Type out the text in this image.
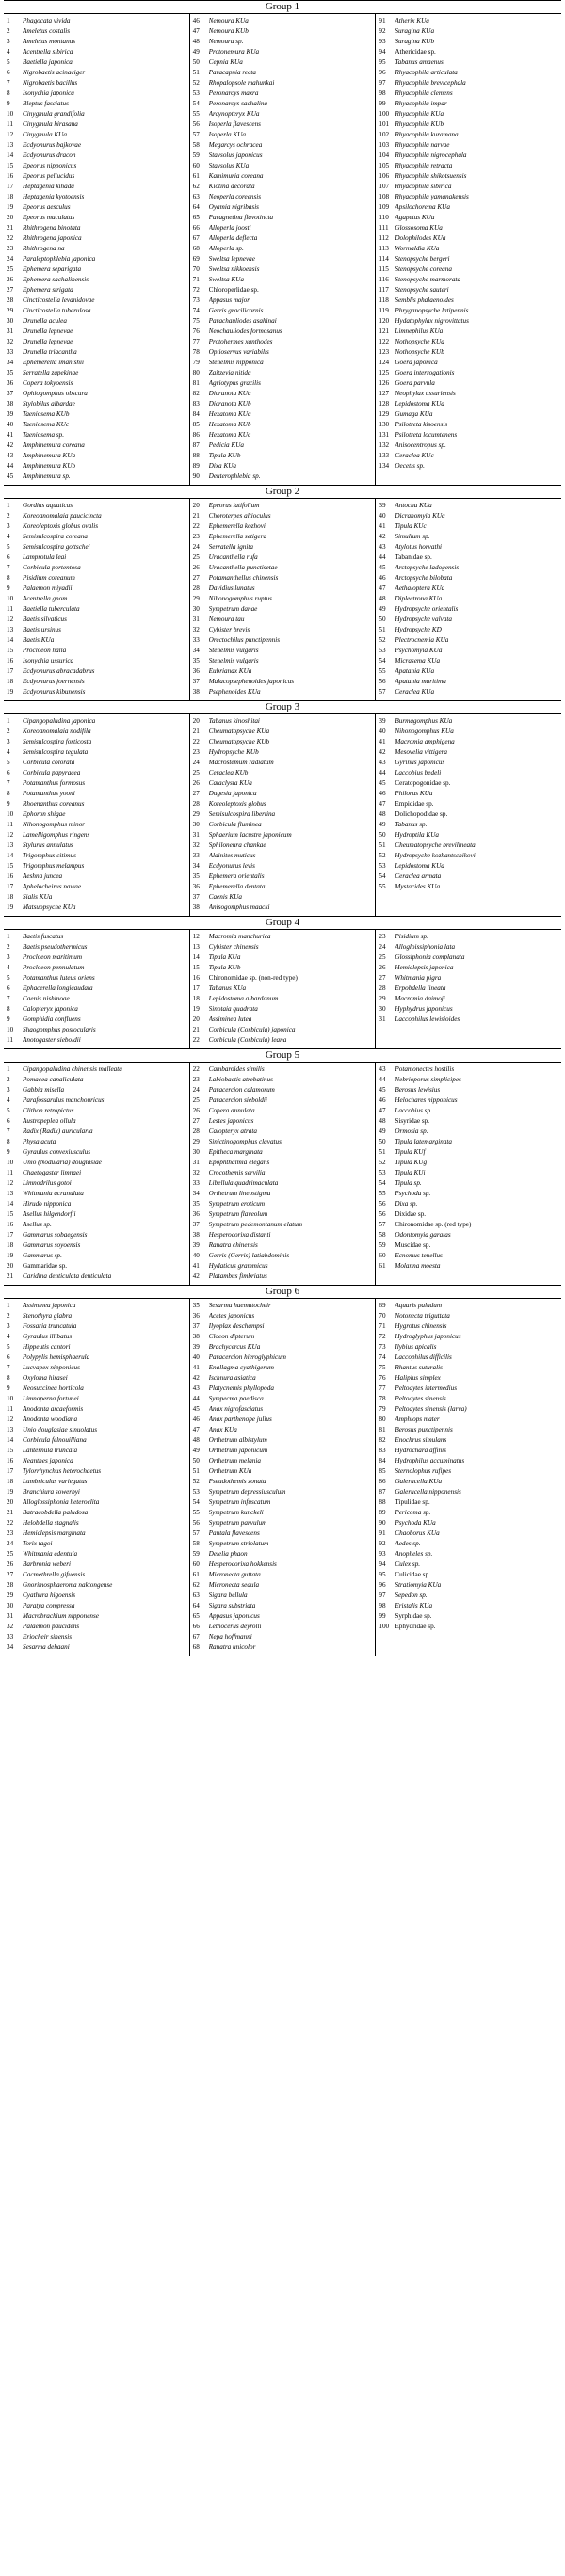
Group 1
1	Phagocata vivida
2	Ameletus costalis
3	Ameletus montanus
4	Acentrella sibirica
5	Baetiella japonica
6	Nigrobaetis acinaciger
7	Nigrobaetis bacillus
8	Isonychia japonica
9	Bleptus fasciatus
10	Cinygmula grandifolia
11	Cinygmula hirasana
12	Cinygmula KUa
13	Ecdyonurus bajkovae
14	Ecdyonurus dracon
15	Epeorus nipponicus
16	Epeorus pellucidus
17	Heptagenia kihada
18	Heptagenia kyotoensis
19	Epeorus aesculus
20	Epeorus maculatus
21	Rhithrogena binotata
22	Rhithrogena japonica
23	Rhithrogena na
24	Paraleptophlebia japonica
25	Ephemera separigata
26	Ephemera sachalinensis
27	Ephemera strigata
28	Cincticostella levanidovae
29	Cincticostella tuberulosa
30	Drunella aculea
31	Drunella lepnevae
32	Drunella lepnevae
33	Drunella triacantha
34	Ephemerella imanishii
35	Serratella zapekinae
36	Copera tokyoensis
37	Ophiogomphus obscura
38	Stylobilus albardae
39	Taeniosema KUb
40	Taeniosema KUc
41	Taeniosema sp.
42	Amphinemura coreana
43	Amphinemura KUa
44	Amphinemura KUb
45	Amphinemura sp.
46	Nemoura KUa
47	Nemoura KUb
48	Nemoura sp.
49	Protonemura KUa
50	Cepnia KUa
51	Paracapnia recta
52	Rhopalopsole mahunkai
53	Peronarcys maxra
54	Peronarcys sachalina
55	Arcynopteryx KUa
56	Isoperla flavescens
57	Isoperla KUa
58	Megarcys ochracea
59	Stavsolus japonicus
60	Stavsolus KUa
61	Kamimuria coreana
62	Kiotina decorata
63	Neoperla coreensis
64	Oyamia nigribasis
65	Paragnetina flavotincta
66	Alloperla joosti
67	Alloperla deflecta
68	Alloperla sp.
69	Sweltsa lepnevae
70	Sweltsa nikkoensis
71	Sweltsa KUa
72	Chloroperlidae sp.
73	Appasus major
74	Gerris gracilicornis
75	Parachauliodes asahinai
76	Neochauliodes formosanus
77	Protohermes xanthodes
78	Optioservus variabilis
79	Stenelmis nipponica
80	Zaitzevia nitida
81	Agriotypus gracilis
82	Dicranota KUa
83	Dicranota KUb
84	Hexatoma KUa
85	Hexatoma KUb
86	Hexatoma KUc
87	Pedicia KUa
88	Tipula KUb
89	Dixa KUa
90	Deuterophlebia sp.
91	Atherix KUa
92	Suragina KUa
93	Suragina KUb
94	Athericidae sp.
95	Tabanus amaenus
96	Rhyacophila articulata
97	Rhyacophila brevicephala
98	Rhyacophila clemens
99	Rhyacophila impar
100 Rhyacophila KUa
101 Rhyacophila KUb
102 Rhyacophila kuramana
103 Rhyacophila narvae
104 Rhyacophila nigrocephala
105 Rhyacophila retracta
106 Rhyacophila shikotsuensis
107 Rhyacophila sibirica
108 Rhyacophila yamanakensis
109 Apsilochorema KUa
110 Agapetus KUa
111 Glossosoma KUa
112 Dolophilodes KUa
113 Wormaldia KUa
114 Stenopsyche bergeri
115 Stenopsyche coreana
116 Stenopsyche marmorata
117 Stenopsyche sauteri
118 Semblis phalaenoides
119 Phryganopsyche latipennis
120 Hydatophylax nigrovittatus
121 Limnephilus KUa
122 Nothopsyche KUa
123 Nothopsyche KUb
124 Goera japonica
125 Goera interrogationis
126 Goera parvula
127 Neophylax ussuriensis
128 Lepidostoma KUa
129 Gumaga KUa
130 Psilotreta kisoensis
131 Psilotreta locumtenens
132 Anisocentropus sp.
133 Ceraclea KUc
134 Oecetis sp.
Group 2
1	Gordius aquaticus
2	Koreoanomalaia paucicincta
3	Koreoleptoxis globus ovalis
4	Semisulcospira coreana
5	Semisulcospira gottschei
6	Lamprotula leai
7	Corbicula portentosa
8	Pisidium coreanum
9	Palaemon miyadii
10	Acentrella gnom
11	Baetiella tuberculata
12	Baetis silvaticus
13	Baetis ursinus
14	Baetis KUa
15	Procloeon halla
16	Isonychia ussurica
17	Ecdyonurus abracadabrus
18	Ecdyonurus joernensis
19	Ecdyonurus kibunensis
20	Epeorus latifolium
21	Choroterpes altioculus
22	Ephemerella kozhovi
23	Ephemerella setigera
24	Serratella ignita
25	Uracanthella rufa
26	Uracanthella punctisetae
27	Potamanthellus chinensis
28	Davidius lunatus
29	Nihonogomphus ruptus
30	Sympetrum danae
31	Nemoura tau
32	Cybister brevis
33	Orectochilus punctipennis
34	Stenelmis vulgaris
35	Stenelmis vulgaris
36	Eubrianax KUa
37	Malacopsephenoides japonicus
38	Psephenoides KUa
39	Antocha KUa
40	Dicranomyia KUa
41	Tipula KUc
42	Simulium sp.
43	Atylotus horvathi
44	Tabanidae sp.
45	Arctopsyche ladogensis
46	Arctopsyche bilobata
47	Aethaloptera KUa
48	Diplectrona KUa
49	Hydropsyche orientalis
50	Hydropsyche valvata
51	Hydropsyche KD
52	Plectrocnemia KUa
53	Psychomyia KUa
54	Micrasema KUa
55	Apatania KUa
56	Apatania maritima
57	Ceraclea KUa
Group 3
1	Cipangopaludina japonica
2	Koreoanomalaia nodifila
3	Semisulcospira forticosta
4	Semisulcospira tegulata
5	Corbicula colorata
6	Corbicula papyracea
7	Potamanthus formosus
8	Potamanthus yooni
9	Rhoenanthus coreanus
10	Ephoron shigae
11	Nihonogomphus minor
12	Lamelligomphus ringens
13	Stylurus annulatus
14	Trigomphus citimus
15	Trigomphus melampus
16	Aeshna juncea
17	Aphelocheirus nawae
18	Sialis KUa
19	Matsuopsyche KUa
20	Tabanus kinoshitai
21	Cheumatopsyche KUa
22	Cheumatopsyche KUb
23	Hydropsyche KUb
24	Macrostemum radiatum
25	Ceraclea KUb
26	Cataclysta KUa
27	Dugesia japonica
28	Koreoleptoxis globus
29	Semisulcospira libertina
30	Corbicula fluminea
31	Sphaerium lacustre japonicum
32	Sphiloneura chankae
33	Alainites muticus
34	Ecdyonurus levis
35	Ephemera orientalis
36	Ephemerella dentata
37	Caenis KUa
38	Anisogomphus maacki
39	Burmagomphus KUa
40	Nihonogomphus KUa
41	Macromia amphigena
42	Mesovelia vittigera
43	Gyrinus japonicus
44	Laccobius bedeli
45	Ceratopogonidae sp.
46	Philorus KUa
47	Empididae sp.
48	Dolichopodidae sp.
49	Tabanus sp.
50	Hydroptila KUa
51	Cheumatopsyche brevilineata
52	Hydropsyche kozhantschikovi
53	Lepidostoma KUa
54	Ceraclea armata
55	Mystacides KUa
Group 4
1	Baetis fuscatus
2	Baetis pseudothermicus
3	Procloeon maritimum
4	Procloeon pennulatum
5	Potamanthus luteus oriens
6	Ephacerella longicaudata
7	Caenis nishinoae
8	Calopteryx japonica
9	Gomphidia confluens
10	Shaogomphus postocularis
11	Anotogaster sieboldii
12	Macromia manchurica
13	Cybister chinensis
14	Tipula KUa
15	Tipula KUb
16	Chironomidae sp. (non-red type)
17	Tabanus KUa
18	Lepidostoma albardanum
19	Sinotaia quadrata
20	Assiminea lutea
21	Corbicula (Corbicula) japonica
22	Corbicula (Corbicula) leana
23	Pisidium sp.
24	Allogloissiphonia lata
25	Glossiphonia complanata
26	Hemiclepsis japonica
27	Whitmania pigra
28	Erpobdella lineata
29	Macromia daimoji
30	Hyphydrus japonicus
31	Laccophilus lewisioides
Group 5
1	Cipangopaludina chinensis malleata
2	Pomacea canaliculata
3	Gabbia misella
4	Parafossarulus manchouricus
5	Clithon retropictus
6	Austropeplea ollula
7	Radix (Radix) auricularia
8	Physa acuta
9	Gyraulus convexiusculus
10	Unio (Nodularia) douglasiae
11	Chaetogaster limnaei
12	Limnodrilus gotoi
13	Whitmania acranulata
14	Hirudo nipponica
15	Asellus hilgendorfii
16	Asellus sp.
17	Gammarus sobaegensis
18	Gammarus soyoensis
19	Gammarus sp.
20	Gammaridae sp.
21	Caridina denticulata denticulata
22	Cambaroides similis
23	Labiobaetis atrebatinus
24	Paracercion calamorum
25	Paracercion sieboldii
26	Copera annulata
27	Lestes japonicus
28	Calopteryx atrata
29	Sinictinogomphus clavatus
30	Epitheca marginata
31	Epophthalmia elegans
32	Crocothemis servilia
33	Libellula quadrimaculata
34	Orthetrum lineostigma
35	Sympetrum eroticum
36	Sympetrum flaveolum
37	Sympetrum pedemontanum elatum
38	Hesperocorixa distanti
39	Ranatra chinensis
40	Gerris (Gerris) latiabdominis
41	Hydaticus grammicus
42	Platambus fimbriatus
43	Potamonectes hostilis
44	Nebrioporus simplicipes
45	Berosus lewisius
46	Helochares nipponicus
47	Laccobius sp.
48	Sisyridae sp.
49	Ormosia sp.
50	Tipula latemarginata
51	Tipula KUf
52	Tipula KUg
53	Tipula KUi
54	Tipula sp.
55	Psychoda sp.
56	Dixa sp.
56	Dixidae sp.
57	Chironomidae sp. (red type)
58	Odontomyia garatas
59	Muscidae sp.
60	Ecnomus tenellus
61	Molanna moesta
Group 6
1	Assiminea japonica
2	Stenothyra glabra
3	Fossaria truncatula
4	Gyraulus illibatus
5	Hippeutis cantori
6	Polypylis hemisphaerula
7	Lucvapex nipponicus
8	Oxyloma hirasei
9	Neosuccinea horticola
10	Limnoperna fortunei
11	Anodonta arcaeformis
12	Anodonta woodiana
13	Unio douglasiae sinuolatus
14	Corbicula felnouilliana
15	Lanternula truncata
16	Neanthes japonica
17	Tylorrhynchus heterochaetus
18	Lumbriculus variegatus
19	Branchiura sowerbyi
20	Alloglossiphonia heteroclita
21	Batracobdella paludosa
22	Helobdella stagnalis
23	Hemiclepsis marginata
24	Torix tagoi
25	Whitmania edentula
26	Barbronia weberi
27	Cacmethrella gifuensis
28	Gnorimosphaeroma naktongense
29	Cyathura higoensis
30	Paratya compressa
31	Macrobrachium nipponense
32	Palaemon paucidens
33	Eriocheir sinensis
34	Sesarma dehaani
35	Sesarma haematocheir
36	Acetes japonicus
37	Ilyoplax deschampsi
38	Cloeon dipterum
39	Brachycercus KUa
40	Paracercion hieroglyphicum
41	Enallagma cyathigerum
42	Ischnura asiatica
43	Platycnemis phyllopoda
44	Sympecma paedisca
45	Anax nigrofasciatus
46	Anax parthenope julius
47	Anax KUa
48	Orthetrum albistylum
49	Orthetrum japonicum
50	Orthetrum melania
51	Orthetrum KUa
52	Pseudothemis zonata
53	Sympetrum depressiusculum
54	Sympetrum infuscatum
55	Sympetrum kunckeli
56	Sympetrum parvulum
57	Pantala flavescens
58	Sympetrum striolatum
59	Deielia phaon
60	Hesperocorixa hokkensis
61	Micronecta guttata
62	Micronecta sedula
63	Sigara bellula
64	Sigara substriata
65	Appasus japonicus
66	Lethocerus deyrolli
67	Nepa hoffmanni
68	Ranatra unicolor
69	Aquaris paludum
70	Notonecta triguttata
71	Hygrotus chinensis
72	Hydroglyphus japonicus
73	Ilybius apicalis
74	Laccophilus difficilis
75	Rhantus suturalis
76	Haliplus simplex
77	Peltodytes intermedius
78	Peltodytes sinensis
79	Peltodytes sinensis (larva)
80	Amphiops mater
81	Berosus punctipennis
82	Enochrus simulans
83	Hydrochara affinis
84	Hydrophilus accuminatus
85	Sternolophus rufipes
86	Galerucella KUa
87	Galerucella nipponensis
88	Tipulidae sp.
89	Pericoma sp.
90	Psychoda KUa
91	Chaoborus KUa
92	Aedes sp.
93	Anopheles sp.
94	Culex sp.
95	Culicidae sp.
96	Stratiomyia KUa
97	Sepedon sp.
98	Eristalis KUa
99	Syrphidae sp.
100 Ephydridae sp.
